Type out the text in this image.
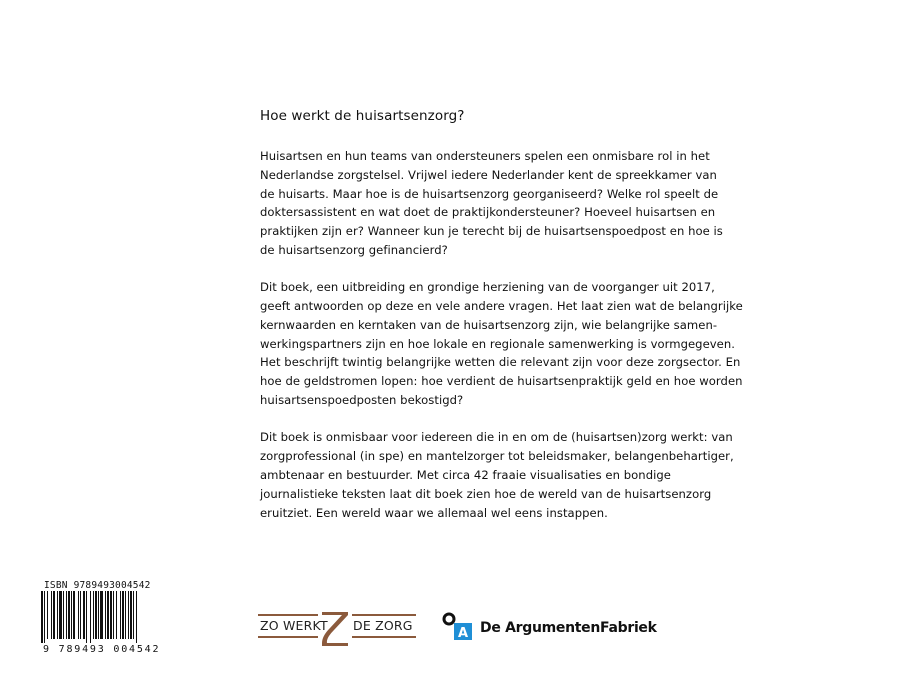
Hoe werkt de huisartsenzorg?

Huisartsen en hun teams van ondersteuners spelen een onmisbare rol in het
Nederlandse zorgstelsel. Vrijwel iedere Nederlander kent de spreekkamer van
de huisarts. Maar hoe is de huisartsenzorg georganiseerd? Welke rol speelt de
doktersassistent en wat doet de praktijkondersteuner? Hoeveel huisartsen en
praktijken zijn er? Wanneer kun je terecht bij de huisartsenspoedpost en hoe is
de huisartsenzorg gefinancierd?

Dit boek, een uitbreiding en grondige herziening van de voorganger uit 2017,
geeft antwoorden op deze en vele andere vragen. Het laat zien wat de belangrijke
kernwaarden en kerntaken van de huisartsenzorg zijn, wie belangrijke samen-
werkingspartners zijn en hoe lokale en regionale samenwerking is vormgegeven.
Het beschrijft twintig belangrijke wetten die relevant zijn voor deze zorgsector. En
hoe de geldstromen lopen: hoe verdient de huisartsenpraktijk geld en hoe worden
huisartsenspoedposten bekostigd?

Dit boek is onmisbaar voor iedereen die in en om de (huisartsen)zorg werkt: van
zorgprofessional (in spe) en mantelzorger tot beleidsmaker, belangenbehartiger,
ambtenaar en bestuurder. Met circa 42 fraaie visualisaties en bondige
journalistieke teksten laat dit boek zien hoe de wereld van de huisartsenzorg
eruitziet. Een wereld waar we allemaal wel eens instappen.

ISBN 9789493004542
9 789493 004542
ZO WERKT DE ZORG
A De ArgumentenFabriek
